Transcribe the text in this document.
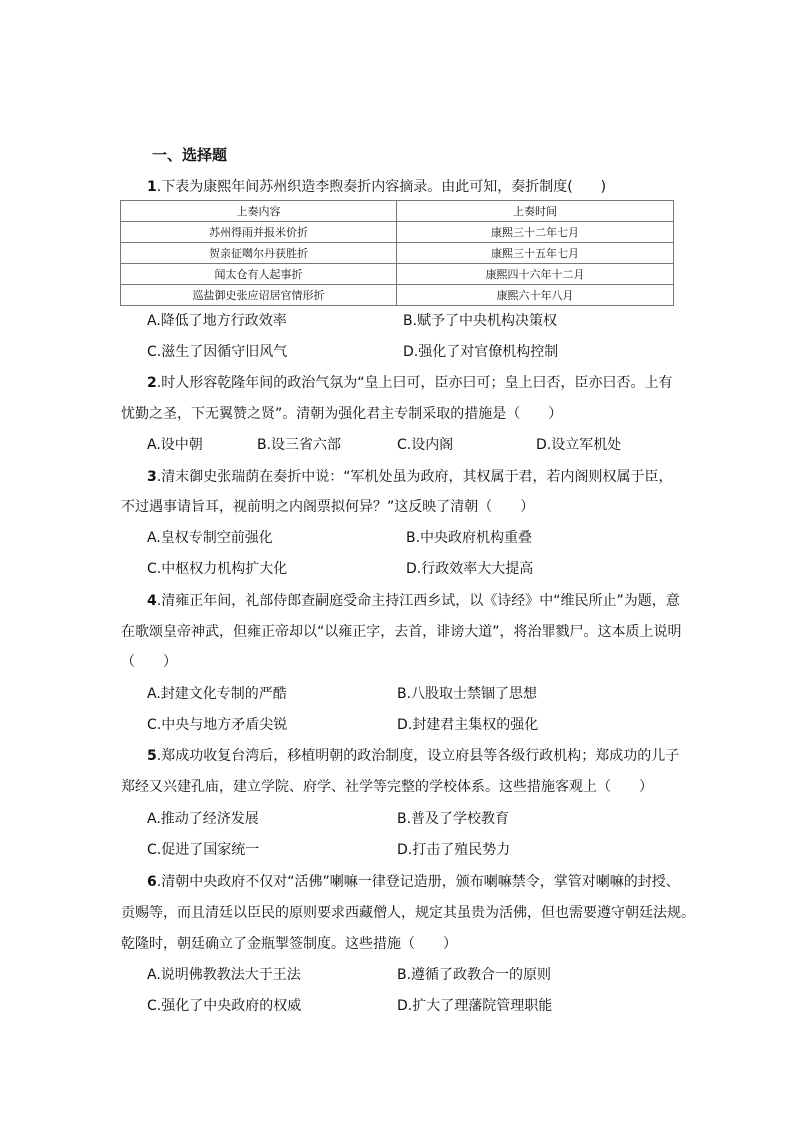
一、选择题
1.下表为康熙年间苏州织造李煦奏折内容摘录。由此可知，奏折制度(　　)
上奏内容	上奏时间
苏州得雨并报米价折	康熙三十二年七月
贺亲征噶尔丹获胜折	康熙三十五年七月
闻太仓有人起事折	康熙四十六年十二月
巡盐御史张应诏居官情形折	康熙六十年八月
A.降低了地方行政效率	B.赋予了中央机构决策权
C.滋生了因循守旧风气	D.强化了对官僚机构控制
2.时人形容乾隆年间的政治气氛为“皇上曰可，臣亦曰可；皇上曰否，臣亦曰否。上有
忧勤之圣，下无翼赞之贤”。清朝为强化君主专制采取的措施是（　　）
A.设中朝	B.设三省六部	C.设内阁	D.设立军机处
3.清末御史张瑞荫在奏折中说：“军机处虽为政府，其权属于君，若内阁则权属于臣，
不过遇事请旨耳，视前明之内阁票拟何异？”这反映了清朝（　　）
A.皇权专制空前强化	B.中央政府机构重叠
C.中枢权力机构扩大化	D.行政效率大大提高
4.清雍正年间，礼部侍郎查嗣庭受命主持江西乡试，以《诗经》中“维民所止”为题，意
在歌颂皇帝神武，但雍正帝却以“以雍正字，去首，诽谤大道”，将治罪戮尸。这本质上说明
（　　）
A.封建文化专制的严酷	B.八股取士禁锢了思想
C.中央与地方矛盾尖锐	D.封建君主集权的强化
5.郑成功收复台湾后，移植明朝的政治制度，设立府县等各级行政机构；郑成功的儿子
郑经又兴建孔庙，建立学院、府学、社学等完整的学校体系。这些措施客观上（　　）
A.推动了经济发展	B.普及了学校教育
C.促进了国家统一	D.打击了殖民势力
6.清朝中央政府不仅对“活佛”喇嘛一律登记造册，颁布喇嘛禁令，掌管对喇嘛的封授、
贡赐等，而且清廷以臣民的原则要求西藏僧人，规定其虽贵为活佛，但也需要遵守朝廷法规。
乾隆时，朝廷确立了金瓶掣签制度。这些措施（　　）
A.说明佛教教法大于王法	B.遵循了政教合一的原则
C.强化了中央政府的权威	D.扩大了理藩院管理职能
